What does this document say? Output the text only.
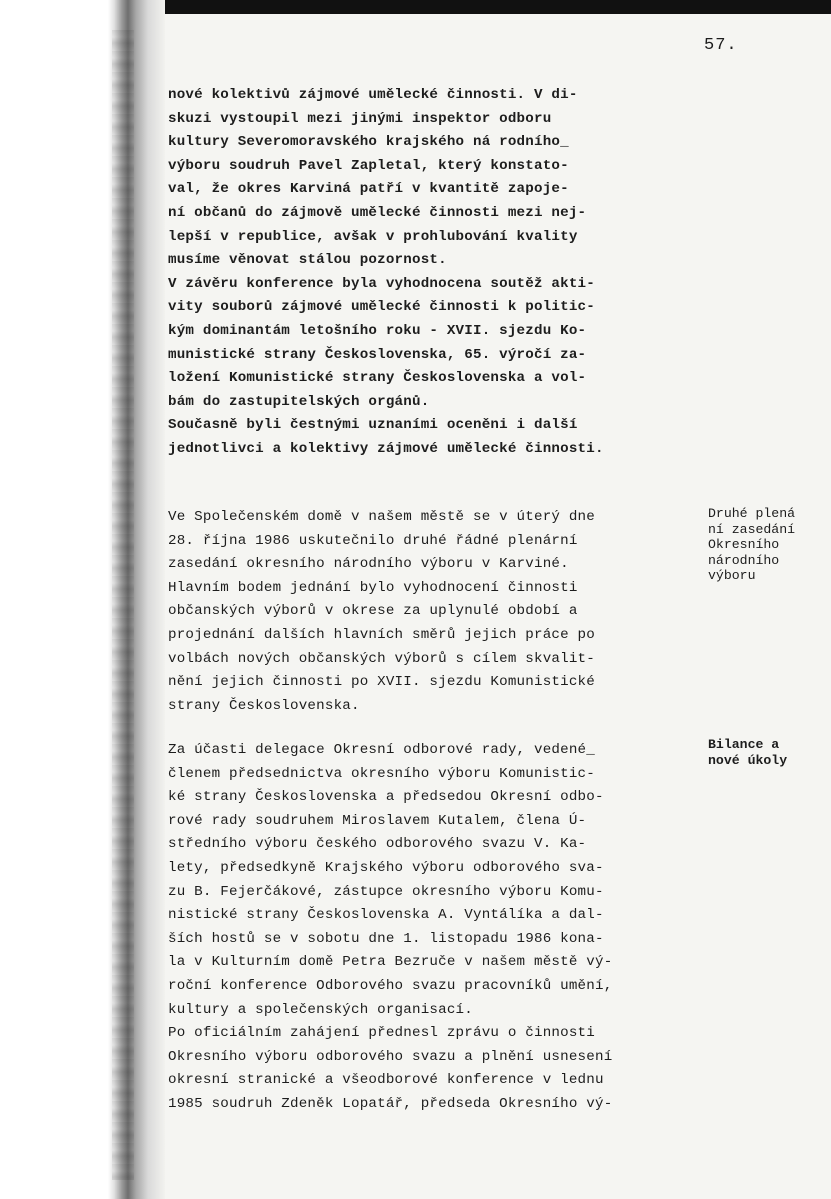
57.
nové kolektivů zájmové umělecké činnosti. V di-
skuzi vystoupil mezi jinými inspektor odboru
kultury Severomoravského krajského ná rodního_
výboru soudruh Pavel Zapletal, který konstato-
val, že okres Karviná patří v kvantitě zapoje-
ní občanů do zájmově umělecké činnosti mezi nej-
lepší v republice, avšak v prohlubování kvality
musíme věnovat stálou pozornost.
V závěru konference byla vyhodnocena soutěž akti-
vity souborů zájmové umělecké činnosti k politic-
kým dominantám letošního roku - XVII. sjezdu Ko-
munistické strany Československa, 65. výročí za-
ložení Komunistické strany Československa a vol-
bám do zastupitelských orgánů.
Současně byli čestnými uznaními oceněni i další
jednotlivci a kolektivy zájmové umělecké činnosti.
Ve Společenském domě v našem městě se v úterý dne
28. října 1986 uskutečnilo druhé řádné plenární
zasedání okresního národního výboru v Karviné.
Hlavním bodem jednání bylo vyhodnocení činnosti
občanských výborů v okrese za uplynulé období a
projednání dalších hlavních směrů jejich práce po
volbách nových občanských výborů s cílem skvalit-
nění jejich činnosti po XVII. sjezdu Komunistické
strany Československa.
Za účasti delegace Okresní odborové rady, vedené_
členem předsednictva okresního výboru Komunistic-
ké strany Československa a předsedou Okresní odbo-
rové rady soudruhem Miroslavem Kutalem, člena Ú-
středního výboru českého odborového svazu V. Ka-
lety, předsedkyně Krajského výboru odborového sva-
zu B. Fejerčákové, zástupce okresního výboru Komu-
nistické strany Československa A. Vyntálíka a dal-
ších hostů se v sobotu dne 1. listopadu 1986 kona-
la v Kulturním domě Petra Bezruče v našem městě vý-
roční konference Odborového svazu pracovníků umění,
kultury a společenských organisací.
Po oficiálním zahájení přednesl zprávu o činnosti
Okresního výboru odborového svazu a plnění usnesení
okresní stranické a všeodborové konference v lednu
1985 soudruh Zdeněk Lopatář, předseda Okresního vý-
Druhé plená
ní zasedání
Okresního
národního
výboru
Bilance a
nové úkoly
